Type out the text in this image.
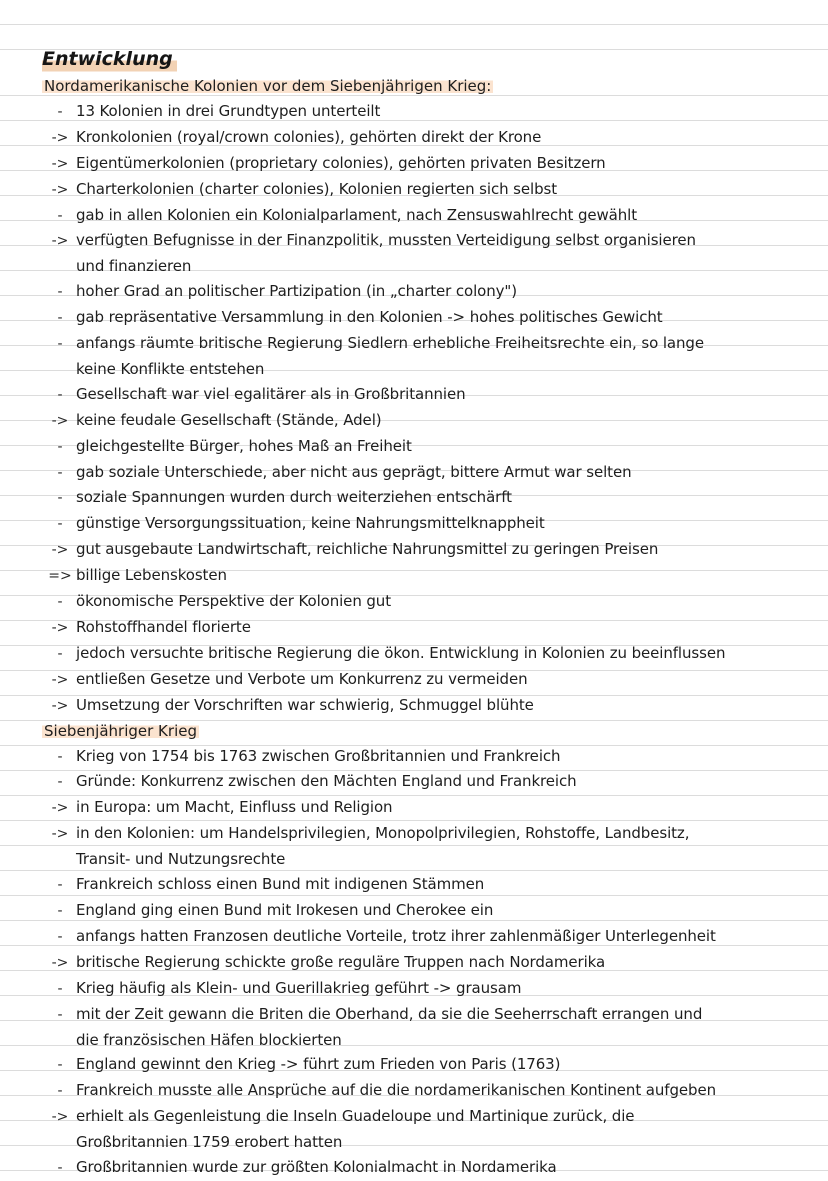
Entwicklung
Nordamerikanische Kolonien vor dem Siebenjährigen Krieg:
- 13 Kolonien in drei Grundtypen unterteilt
-> Kronkolonien (royal/crown colonies), gehörten direkt der Krone
-> Eigentümerkolonien (proprietary colonies), gehörten privaten Besitzern
-> Charterkolonien (charter colonies), Kolonien regierten sich selbst
- gab in allen Kolonien ein Kolonialparlament, nach Zensuswahlrecht gewählt
-> verfügten Befugnisse in der Finanzpolitik, mussten Verteidigung selbst organisieren
und finanzieren
- hoher Grad an politischer Partizipation (in „charter colony")
- gab repräsentative Versammlung in den Kolonien -> hohes politisches Gewicht
- anfangs räumte britische Regierung Siedlern erhebliche Freiheitsrechte ein, so lange
keine Konflikte entstehen
- Gesellschaft war viel egalitärer als in Großbritannien
-> keine feudale Gesellschaft (Stände, Adel)
- gleichgestellte Bürger, hohes Maß an Freiheit
- gab soziale Unterschiede, aber nicht aus geprägt, bittere Armut war selten
- soziale Spannungen wurden durch weiterziehen entschärft
- günstige Versorgungssituation, keine Nahrungsmittelknappheit
-> gut ausgebaute Landwirtschaft, reichliche Nahrungsmittel zu geringen Preisen
=> billige Lebenskosten
- ökonomische Perspektive der Kolonien gut
-> Rohstoffhandel florierte
- jedoch versuchte britische Regierung die ökon. Entwicklung in Kolonien zu beeinflussen
-> entließen Gesetze und Verbote um Konkurrenz zu vermeiden
-> Umsetzung der Vorschriften war schwierig, Schmuggel blühte
Siebenjähriger Krieg
- Krieg von 1754 bis 1763 zwischen Großbritannien und Frankreich
- Gründe: Konkurrenz zwischen den Mächten England und Frankreich
-> in Europa: um Macht, Einfluss und Religion
-> in den Kolonien: um Handelsprivilegien, Monopolprivilegien, Rohstoffe, Landbesitz,
Transit- und Nutzungsrechte
- Frankreich schloss einen Bund mit indigenen Stämmen
- England ging einen Bund mit Irokesen und Cherokee ein
- anfangs hatten Franzosen deutliche Vorteile, trotz ihrer zahlenmäßiger Unterlegenheit
-> britische Regierung schickte große reguläre Truppen nach Nordamerika
- Krieg häufig als Klein- und Guerillakrieg geführt -> grausam
- mit der Zeit gewann die Briten die Oberhand, da sie die Seeherrschaft errangen und
die französischen Häfen blockierten
- England gewinnt den Krieg -> führt zum Frieden von Paris (1763)
- Frankreich musste alle Ansprüche auf die die nordamerikanischen Kontinent aufgeben
-> erhielt als Gegenleistung die Inseln Guadeloupe und Martinique zurück, die
Großbritannien 1759 erobert hatten
- Großbritannien wurde zur größten Kolonialmacht in Nordamerika
